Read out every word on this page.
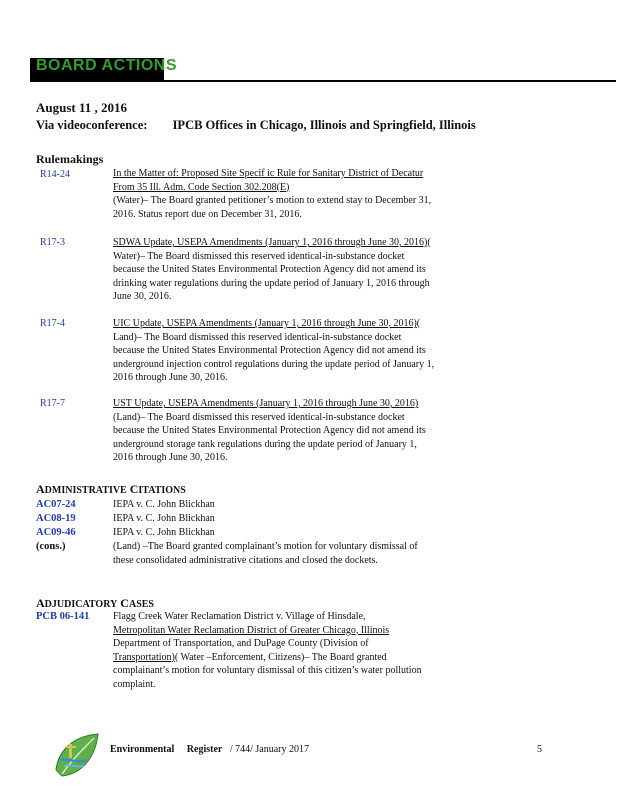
BOARD ACTIONS
August 11 , 2016
Via videoconference: IPCB Offices in Chicago, Illinois and Springfield, Illinois
Rulemakings
R14-24	In the Matter of: Proposed Site Specif ic Rule for Sanitary District of Decatur From 35 Ill. Adm. Code Section 302.208(E)
(Water)– The Board granted petitioner’s motion to extend stay to December 31, 2016. Status report due on December 31, 2016.
R17-3	SDWA Update, USEPA Amendments (January 1, 2016 through June 30, 2016)( Water)– The Board dismissed this reserved identical-in-substance docket because the United States Environmental Protection Agency did not amend its drinking water regulations during the update period of January 1, 2016 through June 30, 2016.
R17-4	UIC Update, USEPA Amendments (January 1, 2016 through June 30, 2016)( Land)– The Board dismissed this reserved identical-in-substance docket because the United States Environmental Protection Agency did not amend its underground injection control regulations during the update period of January 1, 2016 through June 30, 2016.
R17-7	UST Update, USEPA Amendments (January 1, 2016 through June 30, 2016)(Land)– The Board dismissed this reserved identical-in-substance docket because the United States Environmental Protection Agency did not amend its underground storage tank regulations during the update period of January 1, 2016 through June 30, 2016.
ADMINISTRATIVE CITATIONS
AC07-24	IEPA v. C. John Blickhan
AC08-19	IEPA v. C. John Blickhan
AC09-46	IEPA v. C. John Blickhan
(cons.)	(Land) –The Board granted complainant’s motion for voluntary dismissal of these consolidated administrative citations and closed the dockets.
ADJUDICATORY CASES
PCB 06-141 Flagg Creek Water Reclamation District v. Village of Hinsdale,
Metropolitan Water Reclamation District of Greater Chicago, Illinois
Department of Transportation, and DuPage County (Division of
Transportation)( Water –Enforcement, Citizens)– The Board granted complainant’s motion for voluntary dismissal of this citizen’s water pollution complaint.
Environmental Register / 744/ January 2017	5
